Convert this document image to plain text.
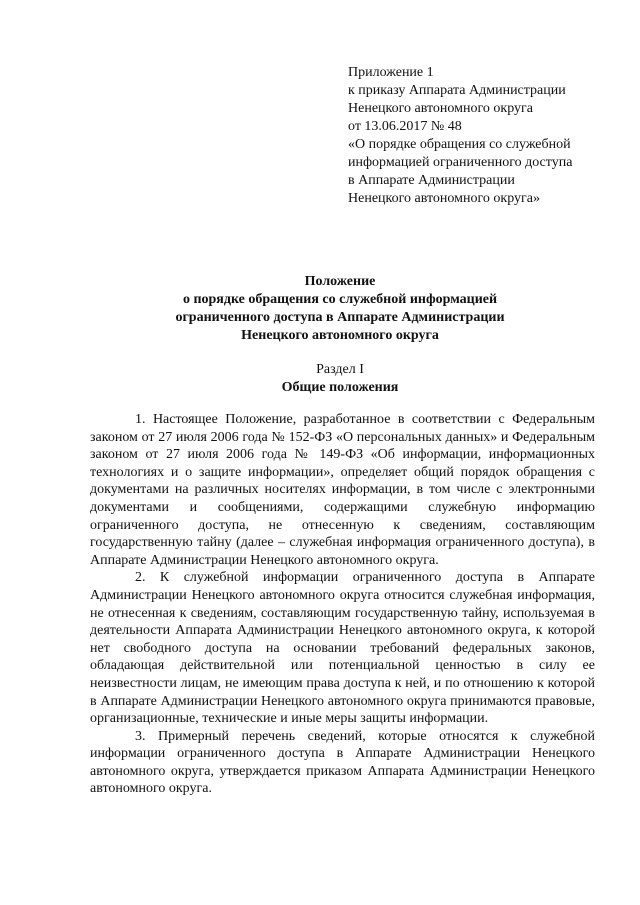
Приложение 1
к приказу Аппарата Администрации
Ненецкого автономного округа
от 13.06.2017 № 48
«О порядке обращения со служебной
информацией ограниченного доступа
в Аппарате Администрации
Ненецкого автономного округа»
Положение
о порядке обращения со служебной информацией
ограниченного доступа в Аппарате Администрации
Ненецкого автономного округа
Раздел I
Общие положения

1. Настоящее Положение, разработанное в соответствии с Федеральным законом от 27 июля 2006 года № 152-ФЗ «О персональных данных» и Федеральным законом от 27 июля 2006 года № 149-ФЗ «Об информации, информационных технологиях и о защите информации», определяет общий порядок обращения с документами на различных носителях информации, в том числе с электронными документами и сообщениями, содержащими служебную информацию ограниченного доступа, не отнесенную к сведениям, составляющим государственную тайну (далее – служебная информация ограниченного доступа), в Аппарате Администрации Ненецкого автономного округа.

2. К служебной информации ограниченного доступа в Аппарате Администрации Ненецкого автономного округа относится служебная информация, не отнесенная к сведениям, составляющим государственную тайну, используемая в деятельности Аппарата Администрации Ненецкого автономного округа, к которой нет свободного доступа на основании требований федеральных законов, обладающая действительной или потенциальной ценностью в силу ее неизвестности лицам, не имеющим права доступа к ней, и по отношению к которой в Аппарате Администрации Ненецкого автономного округа принимаются правовые, организационные, технические и иные меры защиты информации.

3. Примерный перечень сведений, которые относятся к служебной информации ограниченного доступа в Аппарате Администрации Ненецкого автономного округа, утверждается приказом Аппарата Администрации Ненецкого автономного округа.
